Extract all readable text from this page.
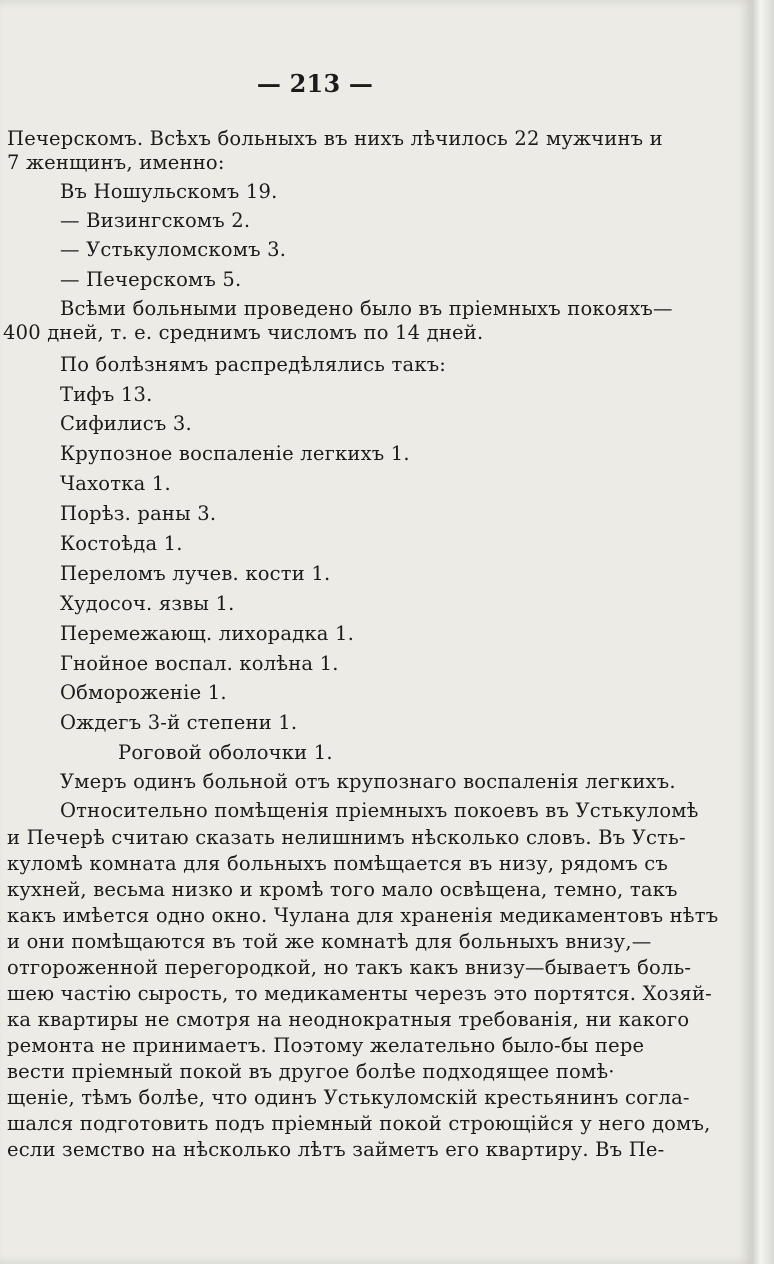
— 213 —
Печерскомъ. Всѣхъ больныхъ въ нихъ лѣчилось 22 мужчинъ и
7 женщинъ, именно:
Въ Ношульскомъ 19.
— Визингскомъ 2.
— Устькуломскомъ 3.
— Печерскомъ 5.
Всѣми больными проведено было въ пріемныхъ покояхъ—
400 дней, т. е. среднимъ числомъ по 14 дней.
По болѣзнямъ распредѣлялись такъ:
Тифъ 13.
Сифилисъ 3.
Крупозное воспаленіе легкихъ 1.
Чахотка 1.
Порѣз. раны 3.
Костоѣда 1.
Переломъ лучев. кости 1.
Худосоч. язвы 1.
Перемежающ. лихорадка 1.
Гнойное воспал. колѣна 1.
Обмороженіе 1.
Ождегъ 3-й степени 1.
Роговой оболочки 1.
Умеръ одинъ больной отъ крупознаго воспаленія легкихъ.
Относительно помѣщенія пріемныхъ покоевъ въ Устькуломѣ
и Печерѣ считаю сказать нелишнимъ нѣсколько словъ. Въ Усть-
куломѣ комната для больныхъ помѣщается въ низу, рядомъ съ
кухней, весьма низко и кромѣ того мало освѣщена, темно, такъ
какъ имѣется одно окно. Чулана для храненія медикаментовъ нѣтъ
и они помѣщаются въ той же комнатѣ для больныхъ внизу,—
отгороженной перегородкой, но такъ какъ внизу—бываетъ боль-
шею частію сырость, то медикаменты черезъ это портятся. Хозяй-
ка квартиры не смотря на неоднократныя требованія, ни какого
ремонта не принимаетъ. Поэтому желательно было-бы пере
вести пріемный покой въ другое болѣе подходящее помѣ·
щеніе, тѣмъ болѣе, что одинъ Устькуломскій крестьянинъ согла-
шался подготовить подъ пріемный покой строющійся у него домъ,
если земство на нѣсколько лѣтъ займетъ его квартиру. Въ Пе-
